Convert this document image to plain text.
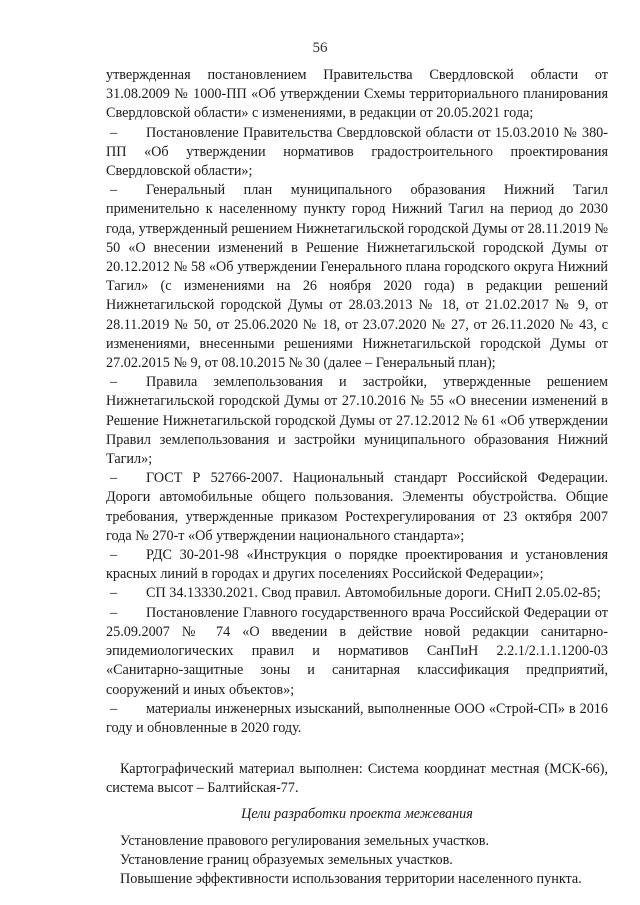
56

утвержденная постановлением Правительства Свердловской области от 31.08.2009 № 1000-ПП «Об утверждении Схемы территориального планирования Свердловской области» с изменениями, в редакции от 20.05.2021 года;

– Постановление Правительства Свердловской области от 15.03.2010 № 380-ПП «Об утверждении нормативов градостроительного проектирования Свердловской области»;

– Генеральный план муниципального образования Нижний Тагил применительно к населенному пункту город Нижний Тагил на период до 2030 года, утвержденный решением Нижнетагильской городской Думы от 28.11.2019 № 50 «О внесении изменений в Решение Нижнетагильской городской Думы от 20.12.2012 № 58 «Об утверждении Генерального плана городского округа Нижний Тагил» (с изменениями на 26 ноября 2020 года) в редакции решений Нижнетагильской городской Думы от 28.03.2013 № 18, от 21.02.2017 № 9, от 28.11.2019 № 50, от 25.06.2020 № 18, от 23.07.2020 № 27, от 26.11.2020 № 43, с изменениями, внесенными решениями Нижнетагильской городской Думы от 27.02.2015 № 9, от 08.10.2015 № 30 (далее – Генеральный план);

– Правила землепользования и застройки, утвержденные решением Нижнетагильской городской Думы от 27.10.2016 № 55 «О внесении изменений в Решение Нижнетагильской городской Думы от 27.12.2012 № 61 «Об утверждении Правил землепользования и застройки муниципального образования Нижний Тагил»;

– ГОСТ Р 52766-2007. Национальный стандарт Российской Федерации. Дороги автомобильные общего пользования. Элементы обустройства. Общие требования, утвержденные приказом Ростехрегулирования от 23 октября 2007 года № 270-т «Об утверждении национального стандарта»;

– РДС 30-201-98 «Инструкция о порядке проектирования и установления красных линий в городах и других поселениях Российской Федерации»;

– СП 34.13330.2021. Свод правил. Автомобильные дороги. СНиП 2.05.02-85;

– Постановление Главного государственного врача Российской Федерации от 25.09.2007 № 74 «О введении в действие новой редакции санитарно-эпидемиологических правил и нормативов СанПиН 2.2.1/2.1.1.1200-03 «Санитарно-защитные зоны и санитарная классификация предприятий, сооружений и иных объектов»;

– материалы инженерных изысканий, выполненные ООО «Строй-СП» в 2016 году и обновленные в 2020 году.

Картографический материал выполнен: Система координат местная (МСК-66), система высот – Балтийская-77.

Цели разработки проекта межевания

Установление правового регулирования земельных участков.

Установление границ образуемых земельных участков.

Повышение эффективности использования территории населенного пункта.
